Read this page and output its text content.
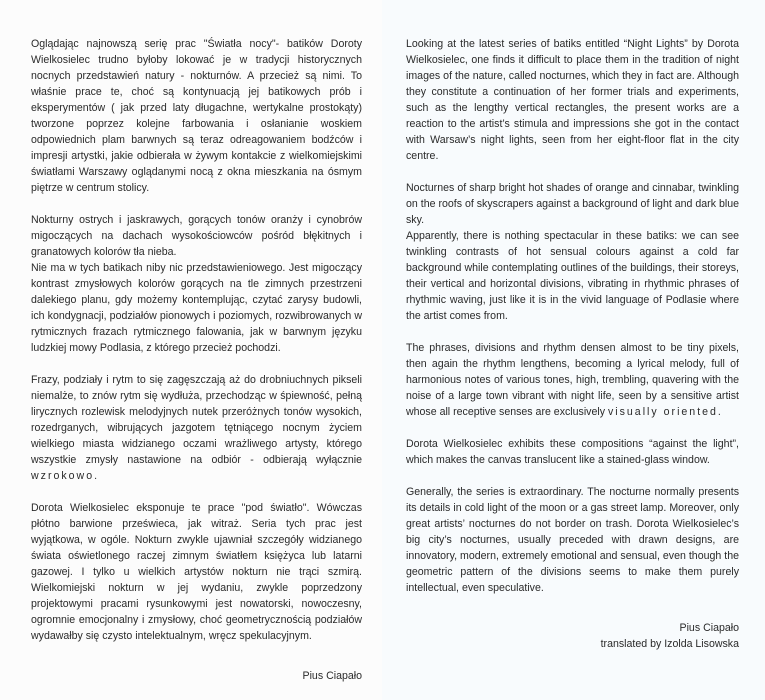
Oglądając najnowszą serię prac "Światła nocy"- batików Doroty Wielkosielec trudno byłoby lokować je w tradycji historycznych nocnych przedstawień natury - nokturnów. A przecież są nimi. To właśnie prace te, choć są kontynuacją jej batikowych prób i eksperymentów ( jak przed laty długachne, wertykalne prostokąty) tworzone poprzez kolejne farbowania i osłanianie woskiem odpowiednich plam barwnych są teraz odreagowaniem bodźców i impresji artystki, jakie odbierała w żywym kontakcie z wielkomiejskimi światłami Warszawy oglądanymi nocą z okna mieszkania na ósmym piętrze w centrum stolicy.

Nokturny ostrych i jaskrawych, gorących tonów oranży i cynobrów migoczących na dachach wysokościowców pośród błękitnych i granatowych kolorów tła nieba.

Nie ma w tych batikach niby nic przedstawieniowego. Jest migoczący kontrast zmysłowych kolorów gorących na tle zimnych przestrzeni dalekiego planu, gdy możemy kontemplując, czytać zarysy budowli, ich kondygnacji, podziałów pionowych i poziomych, rozwibrowanych w rytmicznych frazach rytmicznego falowania, jak w barwnym języku ludzkiej mowy Podlasia, z którego przecież pochodzi.

Frazy, podziały i rytm to się zagęszczają aż do drobniuchnych pikseli niemalże, to znów rytm się wydłuża, przechodząc w śpiewność, pełną lirycznych rozlewisk melodyjnych nutek przeróżnych tonów wysokich, rozedrganych, wibrujących jazgotem tętniącego nocnym życiem wielkiego miasta widzianego oczami wrażliwego artysty, którego wszystkie zmysły nastawione na odbiór - odbierają wyłącznie wzrokowo.

Dorota Wielkosielec eksponuje te prace "pod światło". Wówczas płótno barwione prześwieca, jak witraż. Seria tych prac jest wyjątkowa, w ogóle. Nokturn zwykle ujawniał szczegóły widzianego świata oświetlonego raczej zimnym światłem księżyca lub latarni gazowej. I tylko u wielkich artystów nokturn nie trąci szmirą. Wielkomiejski nokturn w jej wydaniu, zwykle poprzedzony projektowymi pracami rysunkowymi jest nowatorski, nowoczesny, ogromnie emocjonalny i zmysłowy, choć geometrycznością podziałów wydawałby się czysto intelektualnym, wręcz spekulacyjnym.

Pius Ciapało

Looking at the latest series of batiks entitled “Night Lights” by Dorota Wielkosielec, one finds it difficult to place them in the tradition of night images of the nature, called nocturnes, which they in fact are. Although they constitute a continuation of her former trials and experiments, such as the lengthy vertical rectangles, the present works are a reaction to the artist’s stimula and impressions she got in the contact with Warsaw’s night lights, seen from her eight-floor flat in the city centre.

Nocturnes of sharp bright hot shades of orange and cinnabar, twinkling on the roofs of skyscrapers against a background of light and dark blue sky.

Apparently, there is nothing spectacular in these batiks: we can see twinkling contrasts of hot sensual colours against a cold far background while contemplating outlines of the buildings, their storeys, their vertical and horizontal divisions, vibrating in rhythmic phrases of rhythmic waving, just like it is in the vivid language of Podlasie where the artist comes from.

The phrases, divisions and rhythm densen almost to be tiny pixels, then again the rhythm lengthens, becoming a lyrical melody, full of harmonious notes of various tones, high, trembling, quavering with the noise of a large town vibrant with night life, seen by a sensitive artist whose all receptive senses are exclusively visually oriented.

Dorota Wielkosielec exhibits these compositions “against the light”, which makes the canvas translucent like a stained-glass window.

Generally, the series is extraordinary. The nocturne normally presents its details in cold light of the moon or a gas street lamp. Moreover, only great artists’ nocturnes do not border on trash. Dorota Wielkosielec’s big city’s nocturnes, usually preceded with drawn designs, are innovatory, modern, extremely emotional and sensual, even though the geometric pattern of the divisions seems to make them purely intellectual, even speculative.

Pius Ciapało
translated by Izolda Lisowska
